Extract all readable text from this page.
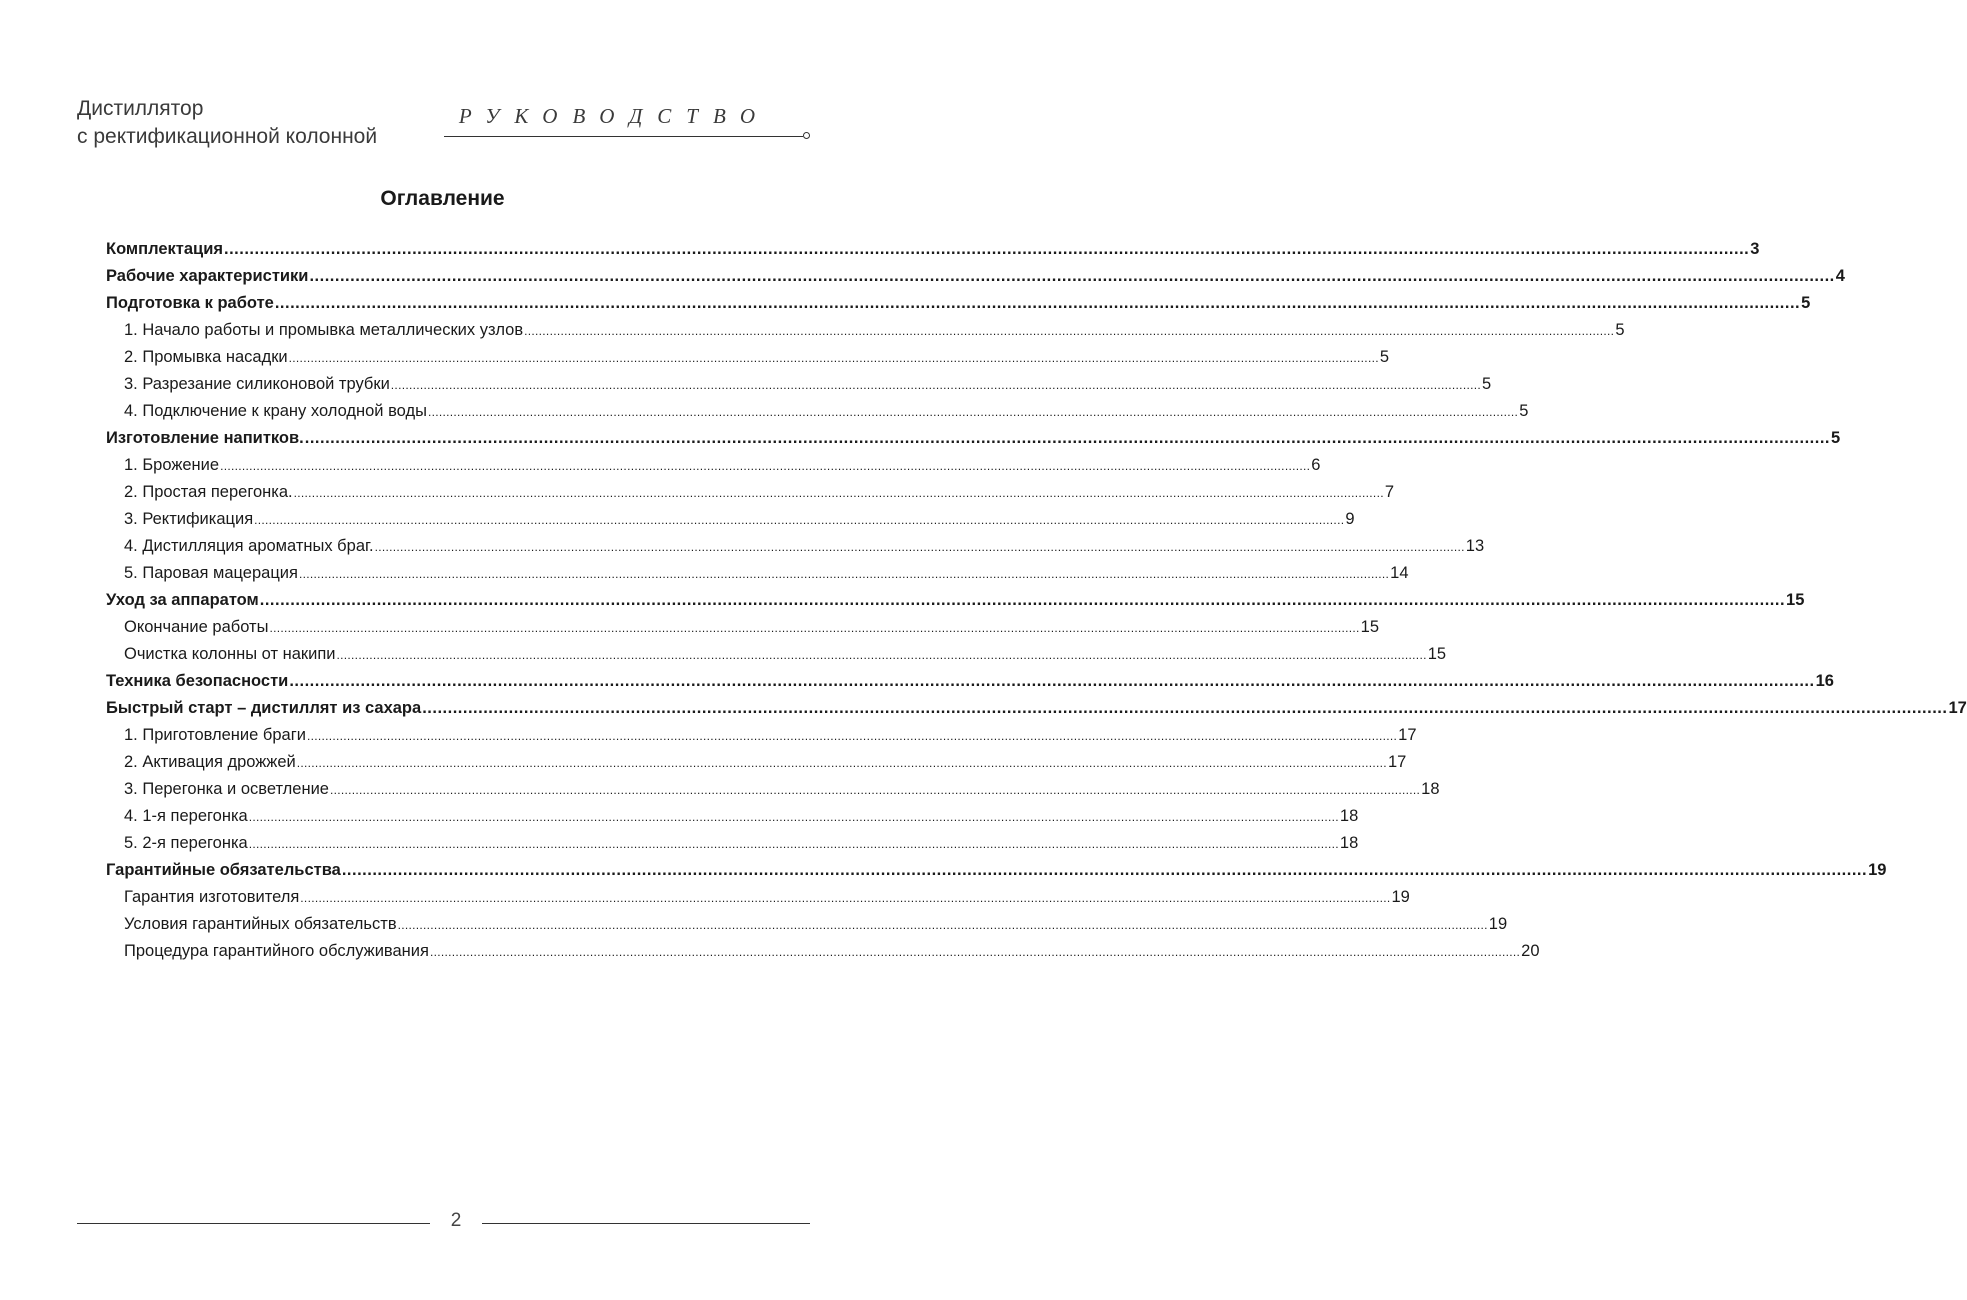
Дистиллятор
с ректификационной колонной
РУКОВОДСТВО
Оглавление
Комплектация ............................................................................................................................................................................................................................................................................................................ 3
Рабочие характеристики ............................................................................................................................................................................................................................................................................................................ 4
Подготовка к работе ............................................................................................................................................................................................................................................................................................................ 5
1. Начало работы и промывка металлических узлов ............................................................................................................................................................................................................................................................................................................ 5
2. Промывка насадки ............................................................................................................................................................................................................................................................................................................ 5
3. Разрезание силиконовой трубки ............................................................................................................................................................................................................................................................................................................ 5
4. Подключение к крану холодной воды ............................................................................................................................................................................................................................................................................................................ 5
Изготовление напитков. ............................................................................................................................................................................................................................................................................................................ 5
1. Брожение ............................................................................................................................................................................................................................................................................................................ 6
2. Простая перегонка. ............................................................................................................................................................................................................................................................................................................ 7
3. Ректификация ............................................................................................................................................................................................................................................................................................................ 9
4. Дистилляция ароматных браг. ............................................................................................................................................................................................................................................................................................................ 13
5. Паровая мацерация ............................................................................................................................................................................................................................................................................................................ 14
Уход за аппаратом ............................................................................................................................................................................................................................................................................................................ 15
Окончание работы ............................................................................................................................................................................................................................................................................................................ 15
Очистка колонны от накипи ............................................................................................................................................................................................................................................................................................................ 15
Техника безопасности ............................................................................................................................................................................................................................................................................................................ 16
Быстрый старт – дистиллят из сахара ............................................................................................................................................................................................................................................................................................................ 17
1. Приготовление браги ............................................................................................................................................................................................................................................................................................................ 17
2. Активация дрожжей ............................................................................................................................................................................................................................................................................................................ 17
3. Перегонка и осветление ............................................................................................................................................................................................................................................................................................................ 18
4. 1-я перегонка ............................................................................................................................................................................................................................................................................................................ 18
5. 2-я перегонка ............................................................................................................................................................................................................................................................................................................ 18
Гарантийные обязательства ............................................................................................................................................................................................................................................................................................................ 19
Гарантия изготовителя ............................................................................................................................................................................................................................................................................................................ 19
Условия гарантийных обязательств ............................................................................................................................................................................................................................................................................................................ 19
Процедура гарантийного обслуживания ............................................................................................................................................................................................................................................................................................................ 20
2
